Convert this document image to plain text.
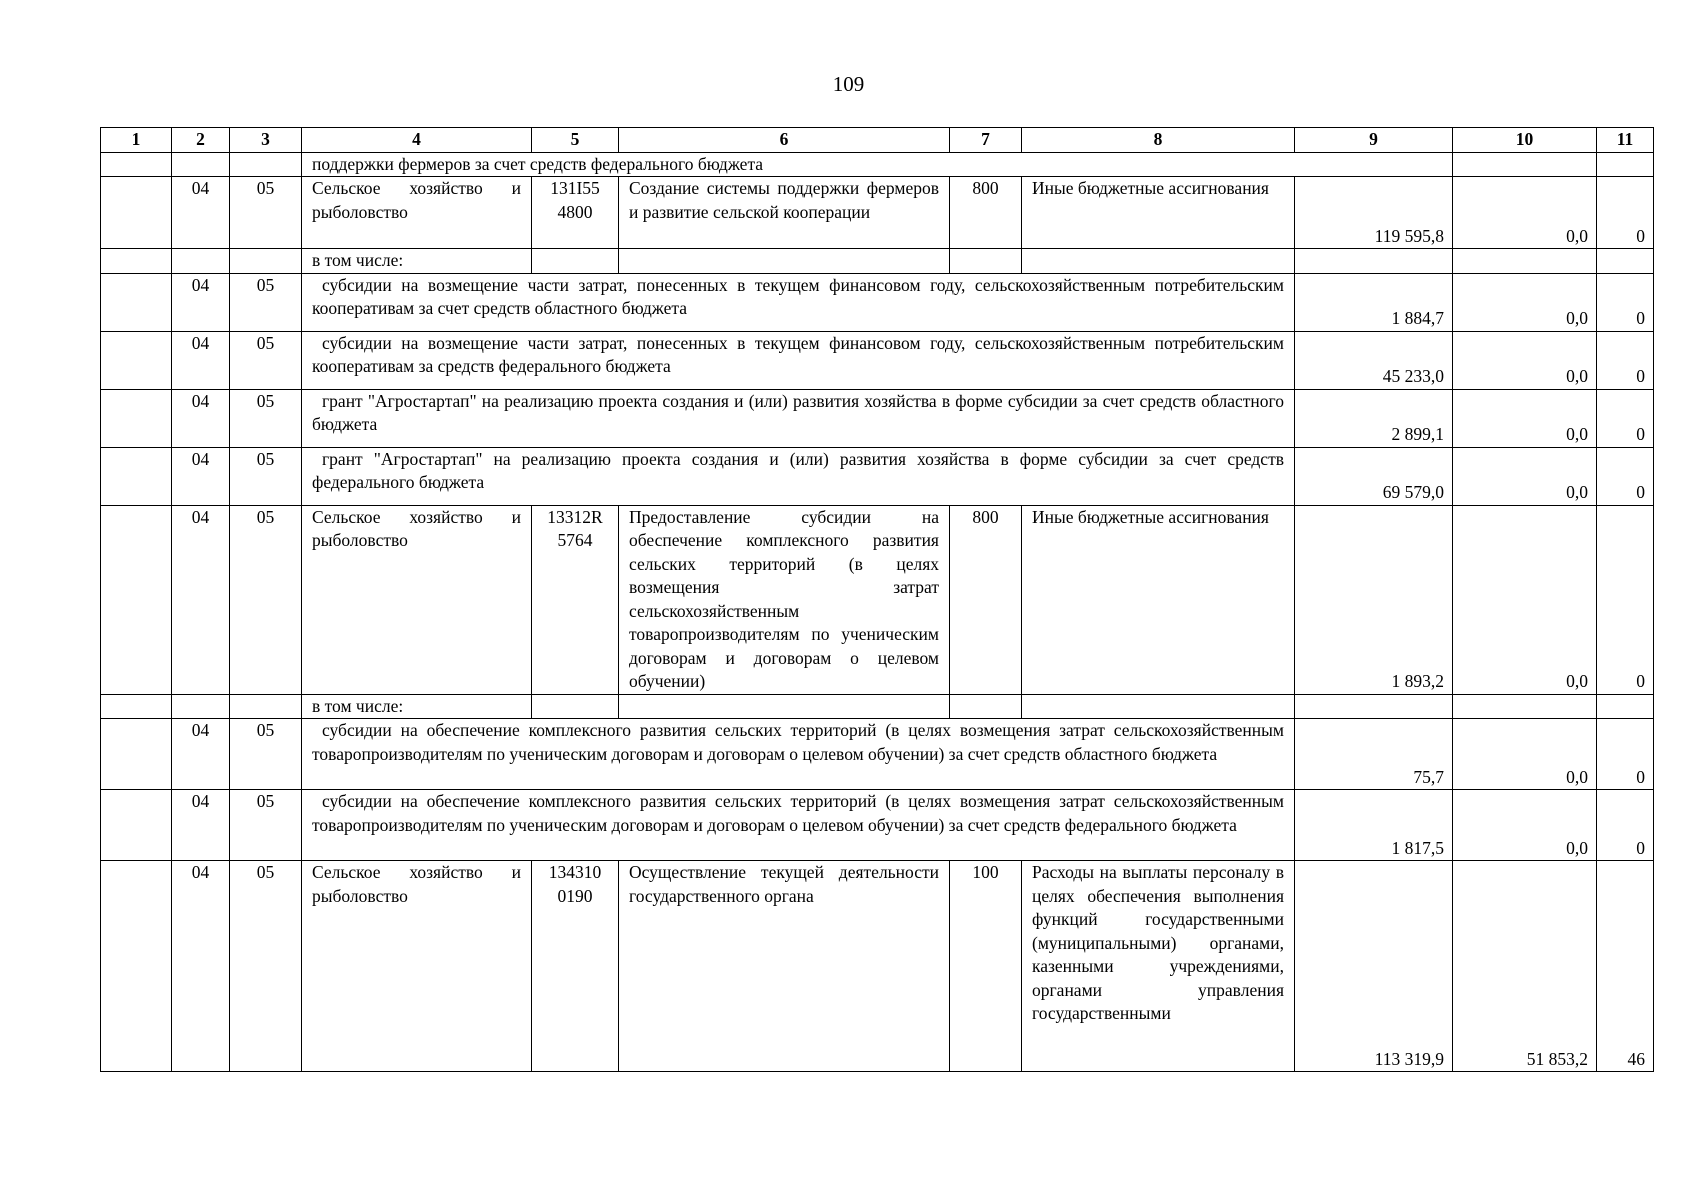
109
1	2	3	4	5	6	7	8	9	10	11	
			поддержки фермеров за счет средств федерального бюджета								
	04	05	Сельское хозяйство и рыболовство	131I55 4800	Создание системы поддержки фермеров и развитие сельской кооперации	800	Иные бюджетные ассигнования	119 595,8	0,0	0	
			в том числе:								
	04	05	субсидии на возмещение части затрат, понесенных в текущем финансовом году, сельскохозяйственным потребительским кооперативам за счет средств областного бюджета					1 884,7	0,0	0	
	04	05	субсидии на возмещение части затрат, понесенных в текущем финансовом году, сельскохозяйственным потребительским кооперативам за средств федерального бюджета					45 233,0	0,0	0	
	04	05	грант "Агростартап" на реализацию проекта создания и (или) развития хозяйства в форме субсидии за счет средств областного бюджета					2 899,1	0,0	0	
	04	05	грант "Агростартап" на реализацию проекта создания и (или) развития хозяйства в форме субсидии за счет средств федерального бюджета					69 579,0	0,0	0	
	04	05	Сельское хозяйство и рыболовство	13312R 5764	Предоставление субсидии на обеспечение комплексного развития сельских территорий (в целях возмещения затрат сельскохозяйственным товаропроизводителям по ученическим договорам и договорам о целевом обучении)	800	Иные бюджетные ассигнования	1 893,2	0,0	0	
			в том числе:								
	04	05	субсидии на обеспечение комплексного развития сельских территорий (в целях возмещения затрат сельскохозяйственным товаропроизводителям по ученическим договорам и договорам о целевом обучении) за счет средств областного бюджета					75,7	0,0	0	
	04	05	субсидии на обеспечение комплексного развития сельских территорий (в целях возмещения затрат сельскохозяйственным товаропроизводителям по ученическим договорам и договорам о целевом обучении) за счет средств федерального бюджета					1 817,5	0,0	0	
	04	05	Сельское хозяйство и рыболовство	134310 0190	Осуществление текущей деятельности государственного органа	100	Расходы на выплаты персоналу в целях обеспечения выполнения функций государственными (муниципальными) органами, казенными учреждениями, органами управления государственными	113 319,9	51 853,2	46	
